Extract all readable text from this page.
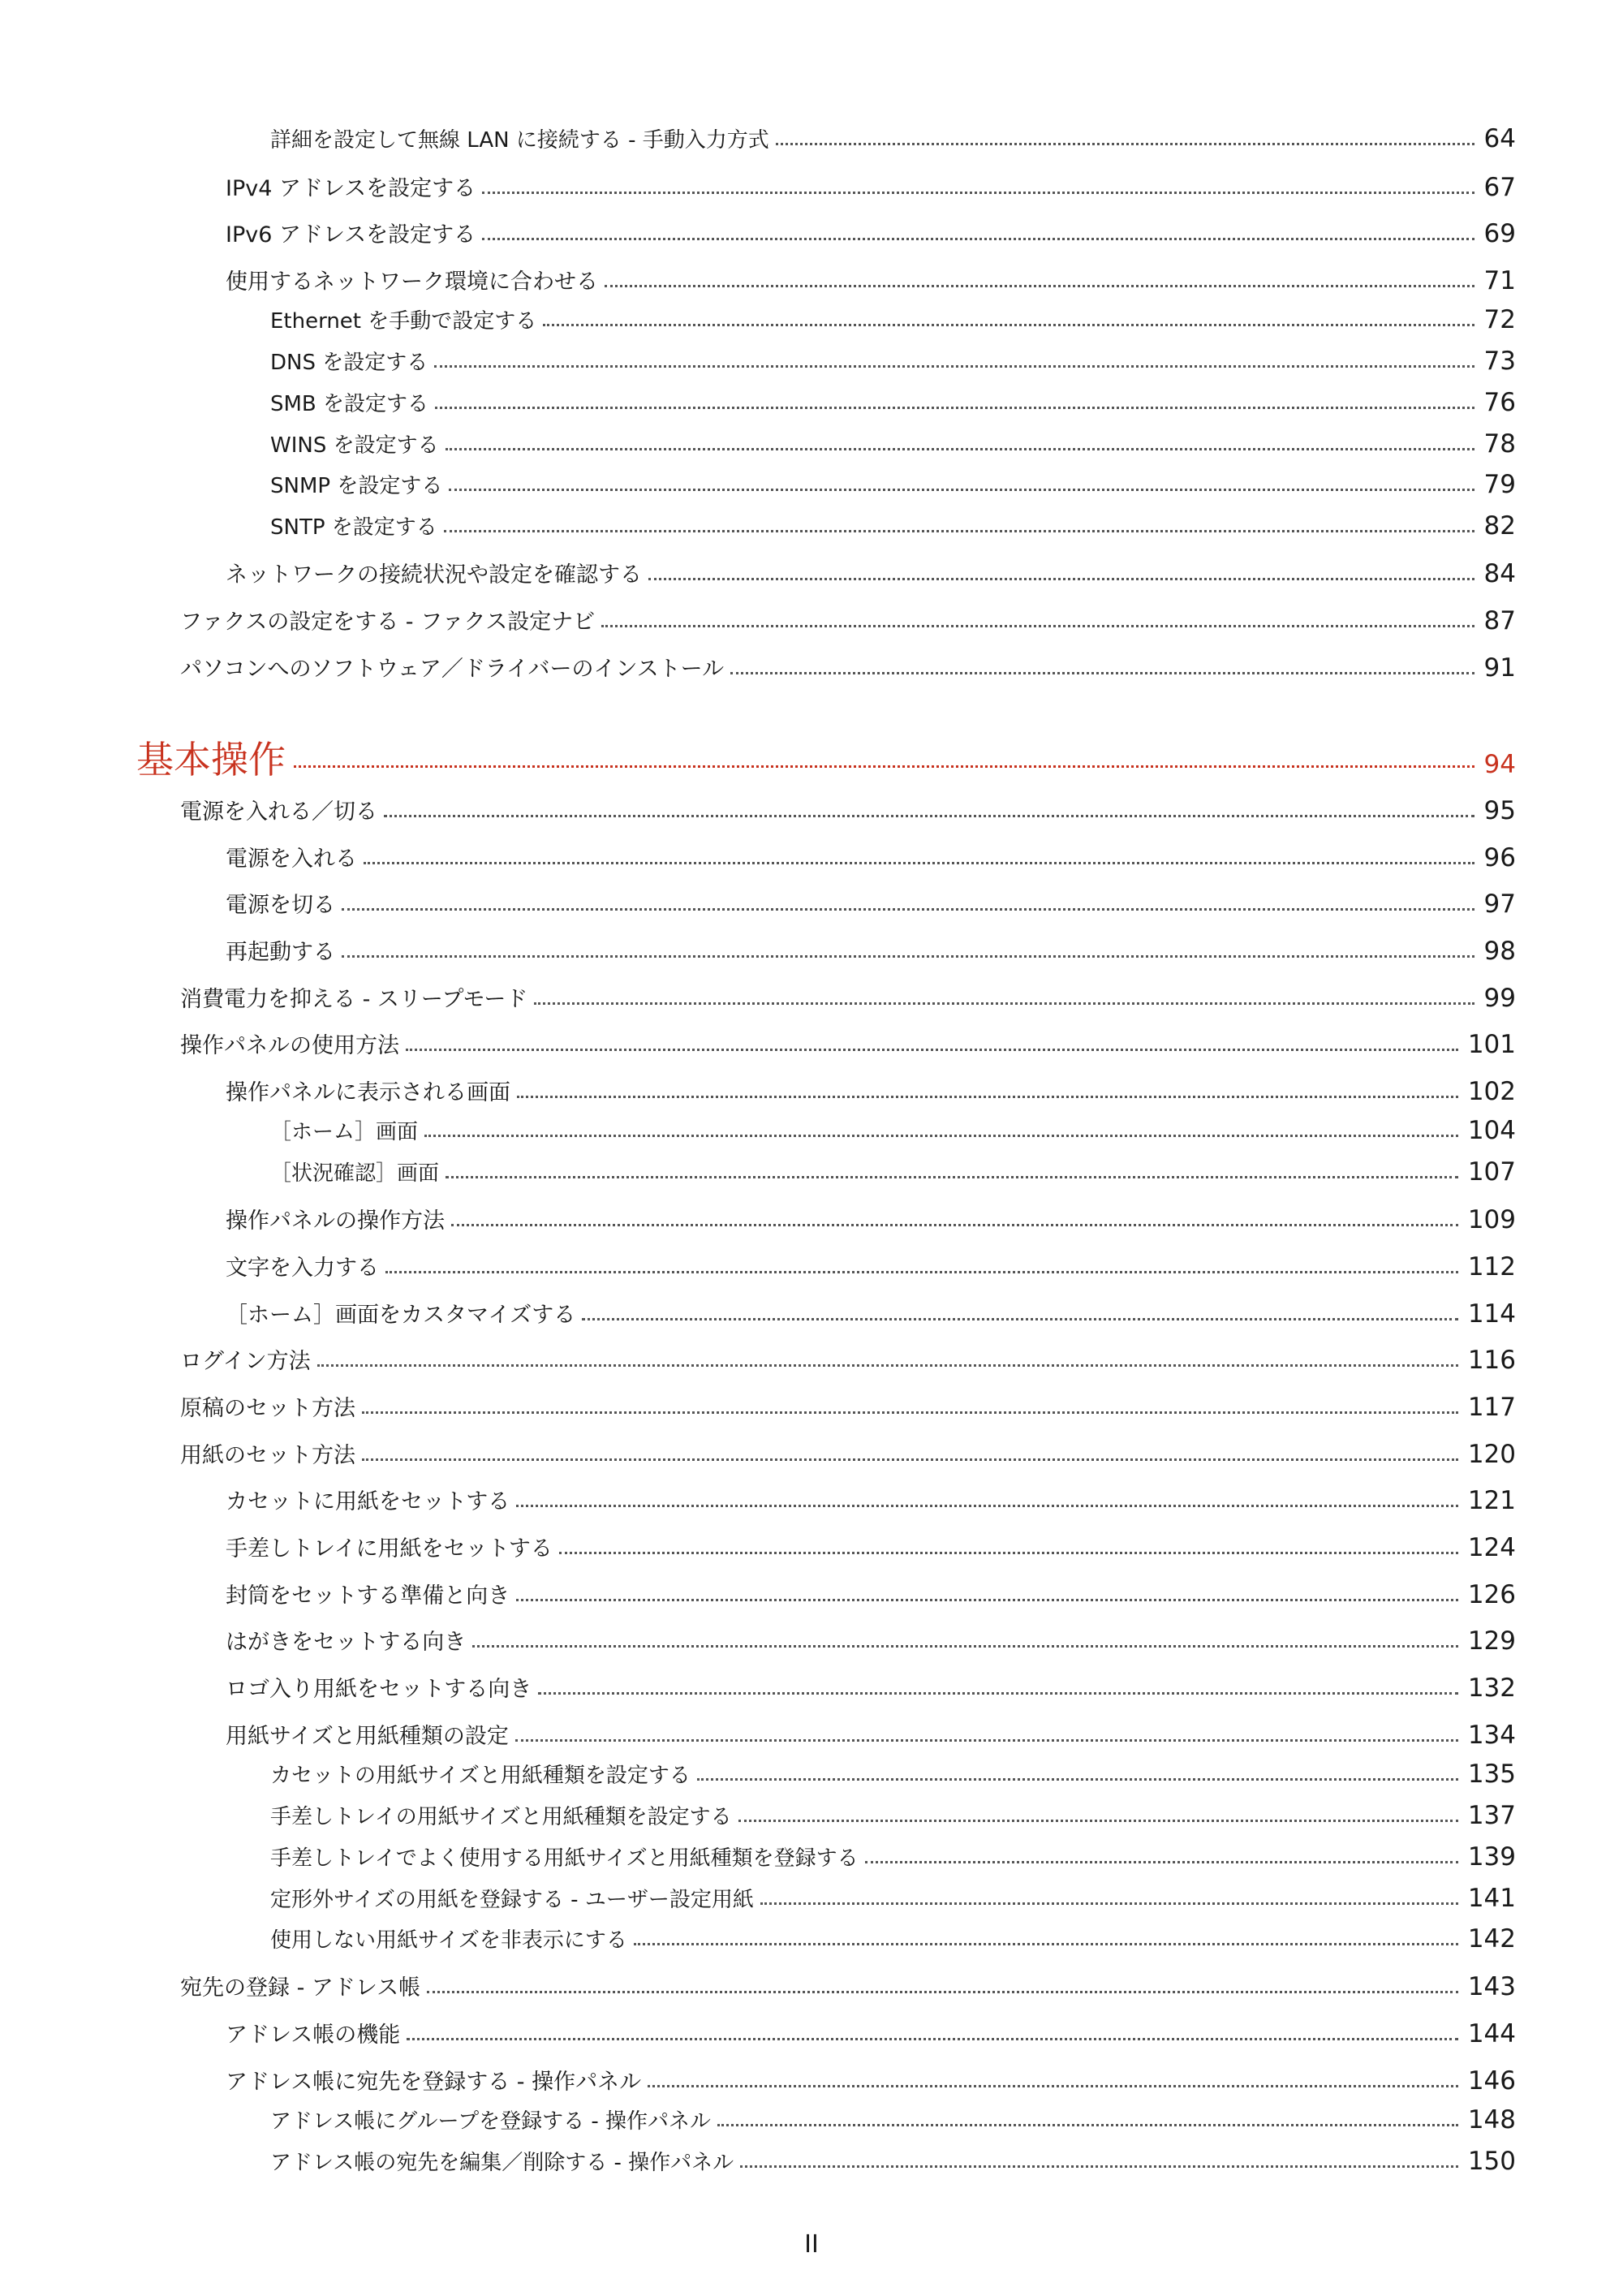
詳細を設定して無線 LAN に接続する - 手動入力方式	64
IPv4 アドレスを設定する	67
IPv6 アドレスを設定する	69
使用するネットワーク環境に合わせる	71
Ethernet を手動で設定する	72
DNS を設定する	73
SMB を設定する	76
WINS を設定する	78
SNMP を設定する	79
SNTP を設定する	82
ネットワークの接続状況や設定を確認する	84
ファクスの設定をする - ファクス設定ナビ	87
パソコンへのソフトウェア／ドライバーのインストール	91
基本操作	94
電源を入れる／切る	95
電源を入れる	96
電源を切る	97
再起動する	98
消費電力を抑える - スリープモード	99
操作パネルの使用方法	101
操作パネルに表示される画面	102
［ホーム］画面	104
［状況確認］画面	107
操作パネルの操作方法	109
文字を入力する	112
［ホーム］画面をカスタマイズする	114
ログイン方法	116
原稿のセット方法	117
用紙のセット方法	120
カセットに用紙をセットする	121
手差しトレイに用紙をセットする	124
封筒をセットする準備と向き	126
はがきをセットする向き	129
ロゴ入り用紙をセットする向き	132
用紙サイズと用紙種類の設定	134
カセットの用紙サイズと用紙種類を設定する	135
手差しトレイの用紙サイズと用紙種類を設定する	137
手差しトレイでよく使用する用紙サイズと用紙種類を登録する	139
定形外サイズの用紙を登録する - ユーザー設定用紙	141
使用しない用紙サイズを非表示にする	142
宛先の登録 - アドレス帳	143
アドレス帳の機能	144
アドレス帳に宛先を登録する - 操作パネル	146
アドレス帳にグループを登録する - 操作パネル	148
アドレス帳の宛先を編集／削除する - 操作パネル	150
II
